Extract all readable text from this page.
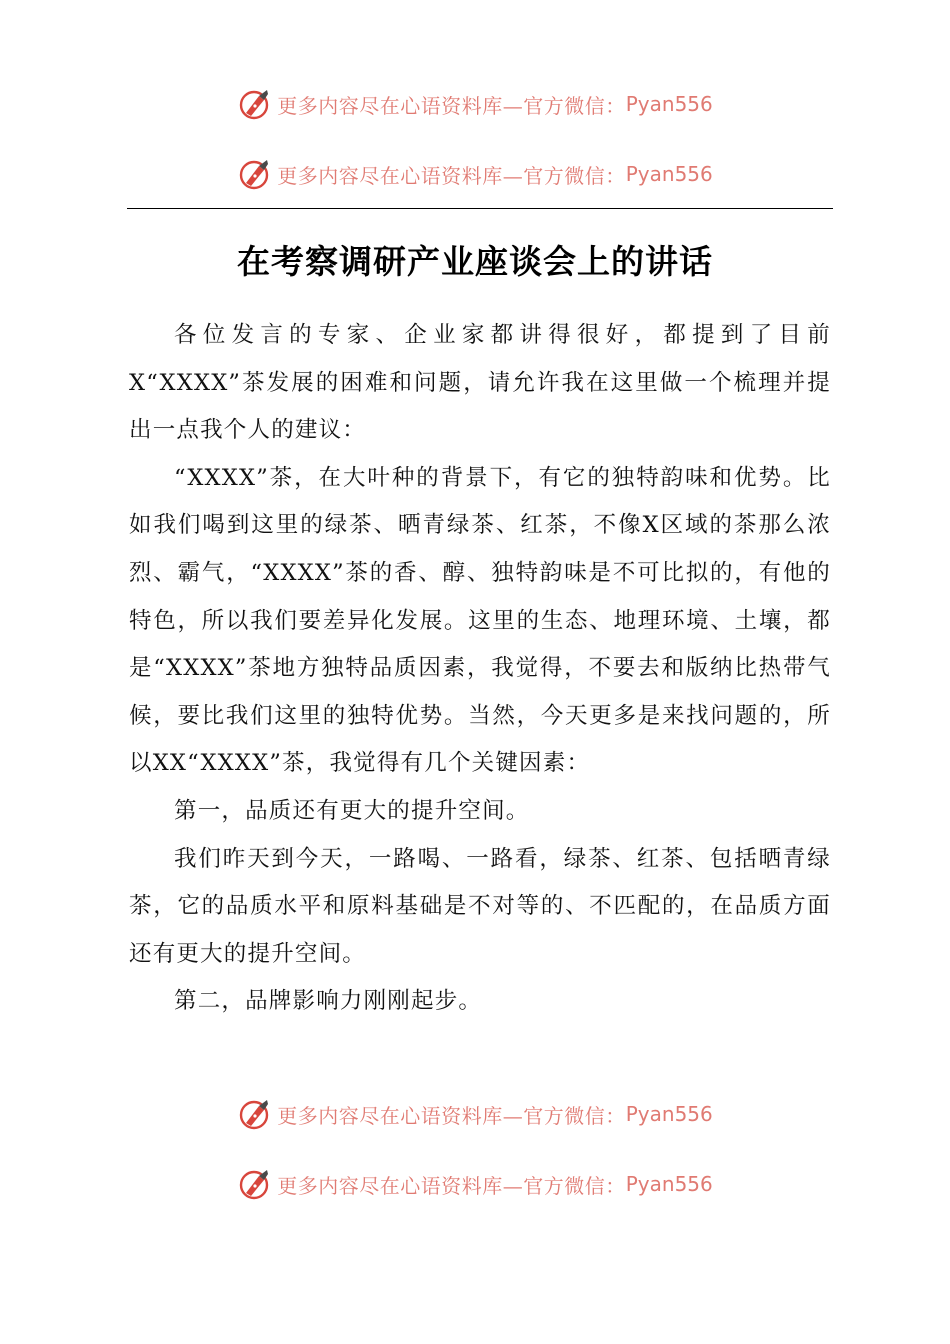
更多内容尽在心语资料库—官方微信： Pyan556
更多内容尽在心语资料库—官方微信： Pyan556
在考察调研产业座谈会上的讲话

各位发言的专家、企业家都讲得很好，都提到了目前X“XXXX”茶发展的困难和问题，请允许我在这里做一个梳理并提出一点我个人的建议：

“XXXX”茶，在大叶种的背景下，有它的独特韵味和优势。比如我们喝到这里的绿茶、晒青绿茶、红茶，不像X区域的茶那么浓烈、霸气，“XXXX”茶的香、醇、独特韵味是不可比拟的，有他的特色，所以我们要差异化发展。这里的生态、地理环境、土壤，都是“XXXX”茶地方独特品质因素，我觉得，不要去和版纳比热带气候，要比我们这里的独特优势。当然，今天更多是来找问题的，所以XX“XXXX”茶，我觉得有几个关键因素：

第一，品质还有更大的提升空间。

我们昨天到今天，一路喝、一路看，绿茶、红茶、包括晒青绿茶，它的品质水平和原料基础是不对等的、不匹配的，在品质方面还有更大的提升空间。

第二，品牌影响力刚刚起步。

更多内容尽在心语资料库—官方微信： Pyan556
更多内容尽在心语资料库—官方微信： Pyan556
